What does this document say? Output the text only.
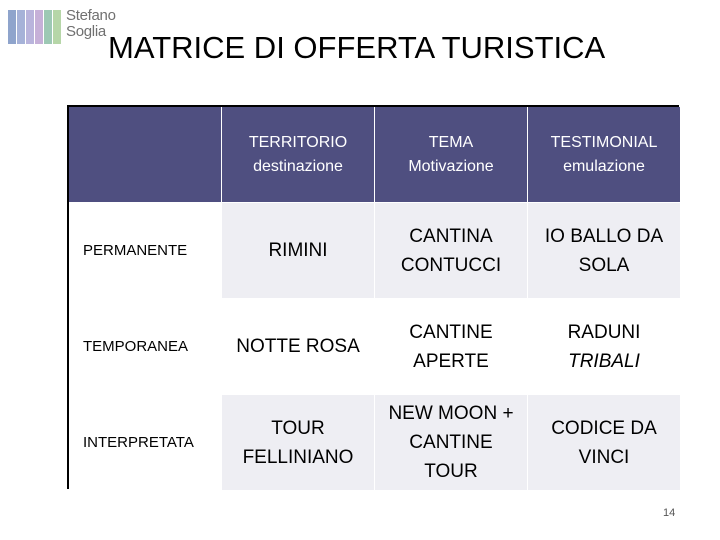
Stefano
Soglia MATRICE DI OFFERTA TURISTICA
TERRITORIO
destinazione
TEMA
Motivazione
TESTIMONIAL
emulazione
PERMANENTE	RIMINI
CANTINA
CONTUCCI
IO BALLO DA
SOLA
TEMPORANEA	NOTTE ROSA
CANTINE
APERTE
RADUNI
TRIBALI
INTERPRETATA
TOUR
FELLINIANO
NEW MOON +
CANTINE
TOUR
CODICE DA
VINCI
14
